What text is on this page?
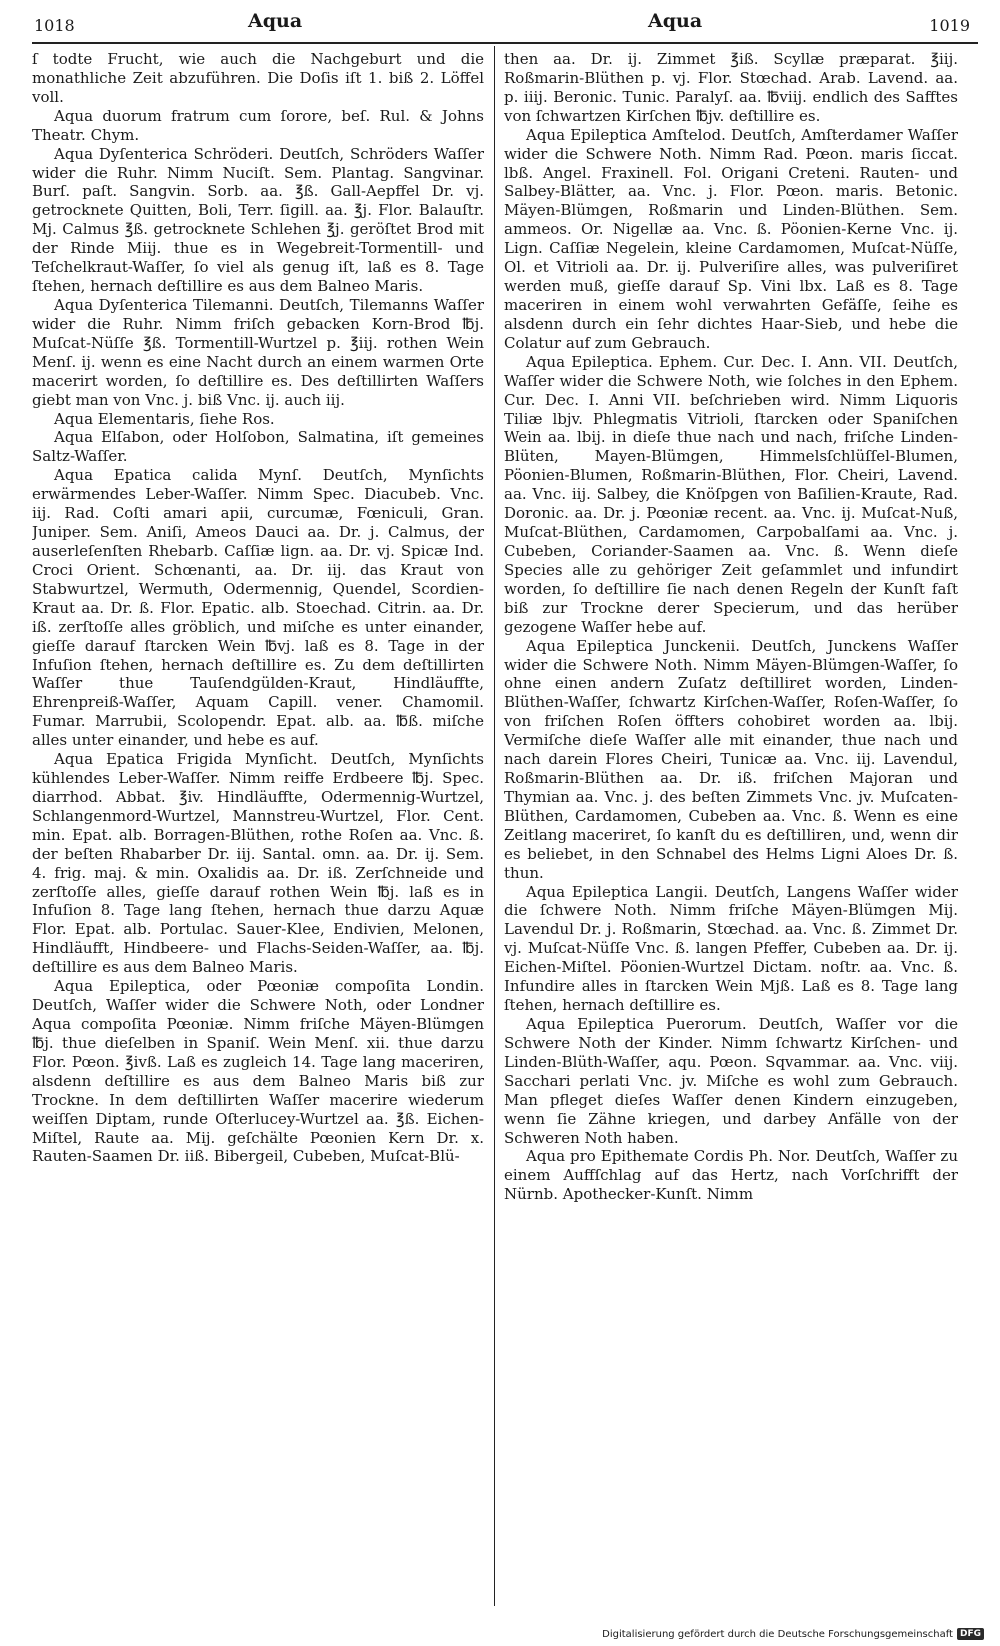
1018	Aqua	Aqua	1019

ſ todte Frucht, wie auch die Nachgeburt und die monathliche Zeit abzuführen. Die Doſis iſt 1. biß 2. Löffel voll.

Aqua duorum fratrum cum ſorore, beſ. Rul. & Johns Theatr. Chym.

Aqua Dyſenterica Schröderi. Deutſch, Schröders Waſſer wider die Ruhr. Nimm Nuciſt. Sem. Plantag. Sangvinar. Burſ. paſt. Sangvin. Sorb. aa. ℥ß. Gall-Aepffel Dr. vj. getrocknete Quitten, Boli, Terr. ſigill. aa. ℥j. Flor. Balauſtr. Mj. Calmus ℥ß. getrocknete Schlehen ℥j. geröſtet Brod mit der Rinde Miij. thue es in Wegebreit-Tormentill- und Teſchelkraut-Waſſer, ſo viel als genug iſt, laß es 8. Tage ſtehen, hernach deſtillire es aus dem Balneo Maris.

Aqua Dyſenterica Tilemanni. Deutſch, Tilemanns Waſſer wider die Ruhr. Nimm friſch gebacken Korn-Brod ℔j. Muſcat-Nüſſe ℥ß. Tormentill-Wurtzel p. ℥iij. rothen Wein Menſ. ij. wenn es eine Nacht durch an einem warmen Orte macerirt worden, ſo deſtillire es. Des deſtillirten Waſſers giebt man von Vnc. j. biß Vnc. ij. auch iij.

Aqua Elementaris, ſiehe Ros.

Aqua Elſabon, oder Holſobon, Salmatina, iſt gemeines Saltz-Waſſer.

Aqua Epatica calida Mynſ. Deutſch, Mynſichts erwärmendes Leber-Waſſer. Nimm Spec. Diacubeb. Vnc. iij. Rad. Coſti amari apii, curcumæ, Fœniculi, Gran. Juniper. Sem. Aniſi, Ameos Dauci aa. Dr. j. Calmus, der auserleſenſten Rhebarb. Caſſiæ lign. aa. Dr. vj. Spicæ Ind. Croci Orient. Schœnanti, aa. Dr. iij. das Kraut von Stabwurtzel, Wermuth, Odermennig, Quendel, Scordien-Kraut aa. Dr. ß. Flor. Epatic. alb. Stoechad. Citrin. aa. Dr. iß. zerſtoſſe alles gröblich, und miſche es unter einander, gieſſe darauf ſtarcken Wein ℔vj. laß es 8. Tage in der Infuſion ſtehen, hernach deſtillire es. Zu dem deſtillirten Waſſer thue Tauſendgülden-Kraut, Hindläuffte, Ehrenpreiß-Waſſer, Aquam Capill. vener. Chamomil. Fumar. Marrubii, Scolopendr. Epat. alb. aa. ℔ß. miſche alles unter einander, und hebe es auf.

Aqua Epatica Frigida Mynſicht. Deutſch, Mynſichts kühlendes Leber-Waſſer. Nimm reiffe Erdbeere ℔j. Spec. diarrhod. Abbat. ℥iv. Hindläuffte, Odermennig-Wurtzel, Schlangenmord-Wurtzel, Mannstreu-Wurtzel, Flor. Cent. min. Epat. alb. Borragen-Blüthen, rothe Roſen aa. Vnc. ß. der beſten Rhabarber Dr. iij. Santal. omn. aa. Dr. ij. Sem. 4. frig. maj. & min. Oxalidis aa. Dr. iß. Zerſchneide und zerſtoſſe alles, gieſſe darauf rothen Wein ℔j. laß es in Infuſion 8. Tage lang ſtehen, hernach thue darzu Aquæ Flor. Epat. alb. Portulac. Sauer-Klee, Endivien, Melonen, Hindläufft, Hindbeere- und Flachs-Seiden-Waſſer, aa. ℔j. deſtillire es aus dem Balneo Maris.

Aqua Epileptica, oder Pœoniæ compoſita Londin. Deutſch, Waſſer wider die Schwere Noth, oder Londner Aqua compoſita Pœoniæ. Nimm friſche Mäyen-Blümgen ℔j. thue dieſelben in Spaniſ. Wein Menſ. xii. thue darzu Flor. Pœon. ℥ivß. Laß es zugleich 14. Tage lang maceriren, alsdenn deſtillire es aus dem Balneo Maris biß zur Trockne. In dem deſtillirten Waſſer macerire wiederum weiſſen Diptam, runde Oſterlucey-Wurtzel aa. ℥ß. Eichen-Miſtel, Raute aa. Mij. geſchälte Pœonien Kern Dr. x. Rauten-Saamen Dr. iiß. Bibergeil, Cubeben, Muſcat-Blü-

then aa. Dr. ij. Zimmet ℥iß. Scyllæ præparat. ℥iij. Roßmarin-Blüthen p. vj. Flor. Stœchad. Arab. Lavend. aa. p. iiij. Beronic. Tunic. Paralyſ. aa. ℔viij. endlich des Safftes von ſchwartzen Kirſchen ℔jv. deſtillire es.

Aqua Epileptica Amſtelod. Deutſch, Amſterdamer Waſſer wider die Schwere Noth. Nimm Rad. Pœon. maris ſiccat. lbß. Angel. Fraxinell. Fol. Origani Creteni. Rauten- und Salbey-Blätter, aa. Vnc. j. Flor. Pœon. maris. Betonic. Mäyen-Blümgen, Roßmarin und Linden-Blüthen. Sem. ammeos. Or. Nigellæ aa. Vnc. ß. Pöonien-Kerne Vnc. ij. Lign. Caſſiæ Negelein, kleine Cardamomen, Muſcat-Nüſſe, Ol. et Vitrioli aa. Dr. ij. Pulveriſire alles, was pulveriſiret werden muß, gieſſe darauf Sp. Vini lbx. Laß es 8. Tage maceriren in einem wohl verwahrten Gefäſſe, ſeihe es alsdenn durch ein ſehr dichtes Haar-Sieb, und hebe die Colatur auf zum Gebrauch.

Aqua Epileptica. Ephem. Cur. Dec. I. Ann. VII. Deutſch, Waſſer wider die Schwere Noth, wie ſolches in den Ephem. Cur. Dec. I. Anni VII. beſchrieben wird. Nimm Liquoris Tiliæ lbjv. Phlegmatis Vitrioli, ſtarcken oder Spaniſchen Wein aa. lbij. in dieſe thue nach und nach, friſche Linden-Blüten, Mayen-Blümgen, Himmelsſchlüſſel-Blumen, Pöonien-Blumen, Roßmarin-Blüthen, Flor. Cheiri, Lavend. aa. Vnc. iij. Salbey, die Knöſpgen von Baſilien-Kraute, Rad. Doronic. aa. Dr. j. Pœoniæ recent. aa. Vnc. ij. Muſcat-Nuß, Muſcat-Blüthen, Cardamomen, Carpobalſami aa. Vnc. j. Cubeben, Coriander-Saamen aa. Vnc. ß. Wenn dieſe Species alle zu gehöriger Zeit geſammlet und infundirt worden, ſo deſtillire ſie nach denen Regeln der Kunſt faſt biß zur Trockne derer Specierum, und das herüber gezogene Waſſer hebe auf.

Aqua Epileptica Junckenii. Deutſch, Junckens Waſſer wider die Schwere Noth. Nimm Mäyen-Blümgen-Waſſer, ſo ohne einen andern Zuſatz deſtilliret worden, Linden-Blüthen-Waſſer, ſchwartz Kirſchen-Waſſer, Roſen-Waſſer, ſo von friſchen Roſen öffters cohobiret worden aa. lbij. Vermiſche dieſe Waſſer alle mit einander, thue nach und nach darein Flores Cheiri, Tunicæ aa. Vnc. iij. Lavendul, Roßmarin-Blüthen aa. Dr. iß. friſchen Majoran und Thymian aa. Vnc. j. des beſten Zimmets Vnc. jv. Muſcaten-Blüthen, Cardamomen, Cubeben aa. Vnc. ß. Wenn es eine Zeitlang maceriret, ſo kanſt du es deſtilliren, und, wenn dir es beliebet, in den Schnabel des Helms Ligni Aloes Dr. ß. thun.

Aqua Epileptica Langii. Deutſch, Langens Waſſer wider die ſchwere Noth. Nimm friſche Mäyen-Blümgen Mij. Lavendul Dr. j. Roßmarin, Stœchad. aa. Vnc. ß. Zimmet Dr. vj. Muſcat-Nüſſe Vnc. ß. langen Pfeffer, Cubeben aa. Dr. ij. Eichen-Miſtel. Pöonien-Wurtzel Dictam. noſtr. aa. Vnc. ß. Infundire alles in ſtarcken Wein Mjß. Laß es 8. Tage lang ſtehen, hernach deſtillire es.

Aqua Epileptica Puerorum. Deutſch, Waſſer vor die Schwere Noth der Kinder. Nimm ſchwartz Kirſchen- und Linden-Blüth-Waſſer, aqu. Pœon. Sqvammar. aa. Vnc. viij. Sacchari perlati Vnc. jv. Miſche es wohl zum Gebrauch. Man pfleget dieſes Waſſer denen Kindern einzugeben, wenn ſie Zähne kriegen, und darbey Anfälle von der Schweren Noth haben.

Aqua pro Epithemate Cordis Ph. Nor. Deutſch, Waſſer zu einem Auffſchlag auf das Hertz, nach Vorſchrifft der Nürnb. Apothecker-Kunſt. Nimm

Digitalisierung gefördert durch die Deutsche Forschungsgemeinschaft DFG
